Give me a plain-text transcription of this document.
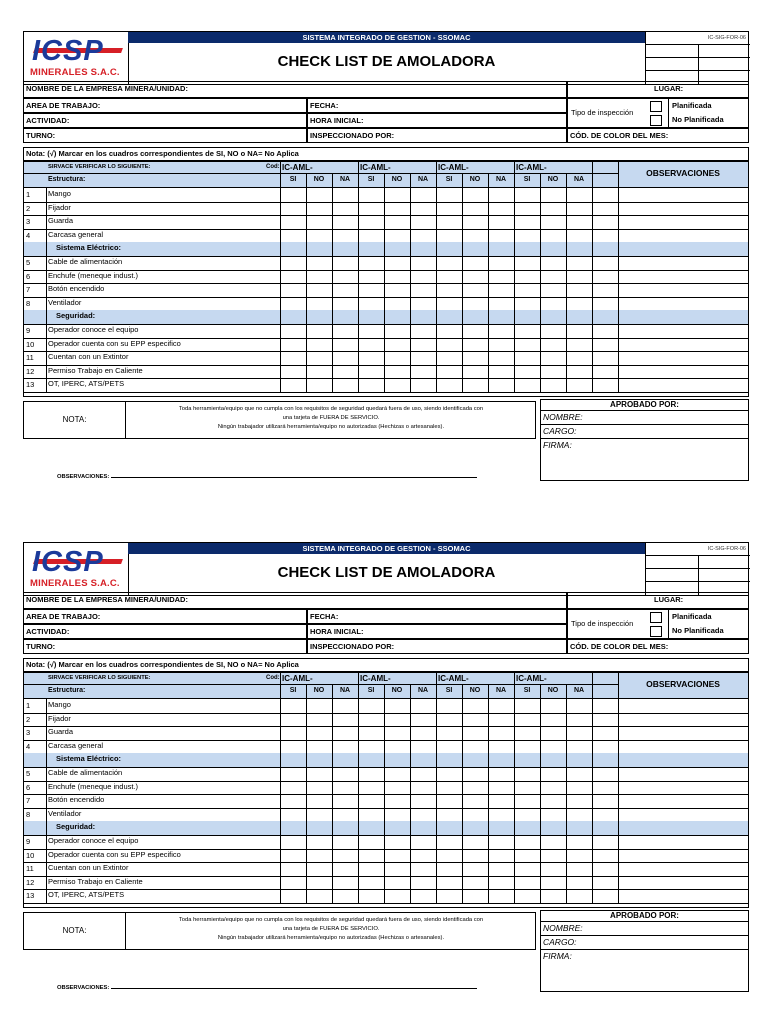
ICSP
MINERALES S.A.C.
SISTEMA INTEGRADO DE GESTION - SSOMAC
CHECK LIST DE AMOLADORA
IC-SIG-FOR-06
NOMBRE DE LA EMPRESA MINERA/UNIDAD:	LUGAR:
AREA DE TRABAJO:	FECHA:
Tipo de inspección
Planificada
No Planificada
ACTIVIDAD:	HORA INICIAL:
TURNO:	INSPECCIONADO POR:	CÓD. DE COLOR DEL MES:
Nota: (√) Marcar en los cuadros correspondientes de SI, NO o NA= No Aplica
SIRVACE VERIFICAR LO SIGUIENTE:	Cod:
Estructura:
IC-AML-
SI	NO	NA
IC-AML-
SI	NO	NA
IC-AML-
SI	NO	NA
IC-AML-
SI	NO	NA
OBSERVACIONES
1 Mango
2 Fijador
3 Guarda
4 Carcasa general
Sistema Eléctrico:
5 Cable de alimentación
6 Enchufe (meneque indust.)
7 Botón encendido
8 Ventilador
Seguridad:
9 Operador conoce el equipo
10 Operador cuenta con su EPP especifico
11 Cuentan con un Extintor
12 Permiso Trabajo en Caliente
13 OT, IPERC, ATS/PETS
NOTA:
Toda herramienta/equipo que no cumpla con los requisitos de seguridad quedará fuera de uso, siendo identificada con
una tarjeta de FUERA DE SERVICIO.
Ningún trabajador utilizará herramienta/equipo no autorizadas (Hechizas o artesanales).
APROBADO POR:
NOMBRE:
CARGO:
FIRMA:
OBSERVACIONES:
ICSP
MINERALES S.A.C.
SISTEMA INTEGRADO DE GESTION - SSOMAC
CHECK LIST DE AMOLADORA
IC-SIG-FOR-06
NOMBRE DE LA EMPRESA MINERA/UNIDAD:	LUGAR:
AREA DE TRABAJO:	FECHA:
Tipo de inspección
Planificada
No Planificada
ACTIVIDAD:	HORA INICIAL:
TURNO:	INSPECCIONADO POR:	CÓD. DE COLOR DEL MES:
Nota: (√) Marcar en los cuadros correspondientes de SI, NO o NA= No Aplica
SIRVACE VERIFICAR LO SIGUIENTE:	Cod:
Estructura:
IC-AML-
SI	NO	NA
IC-AML-
SI	NO	NA
IC-AML-
SI	NO	NA
IC-AML-
SI	NO	NA
OBSERVACIONES
1 Mango
2 Fijador
3 Guarda
4 Carcasa general
Sistema Eléctrico:
5 Cable de alimentación
6 Enchufe (meneque indust.)
7 Botón encendido
8 Ventilador
Seguridad:
9 Operador conoce el equipo
10 Operador cuenta con su EPP especifico
11 Cuentan con un Extintor
12 Permiso Trabajo en Caliente
13 OT, IPERC, ATS/PETS
NOTA:
Toda herramienta/equipo que no cumpla con los requisitos de seguridad quedará fuera de uso, siendo identificada con
una tarjeta de FUERA DE SERVICIO.
Ningún trabajador utilizará herramienta/equipo no autorizadas (Hechizas o artesanales).
APROBADO POR:
NOMBRE:
CARGO:
FIRMA:
OBSERVACIONES:
